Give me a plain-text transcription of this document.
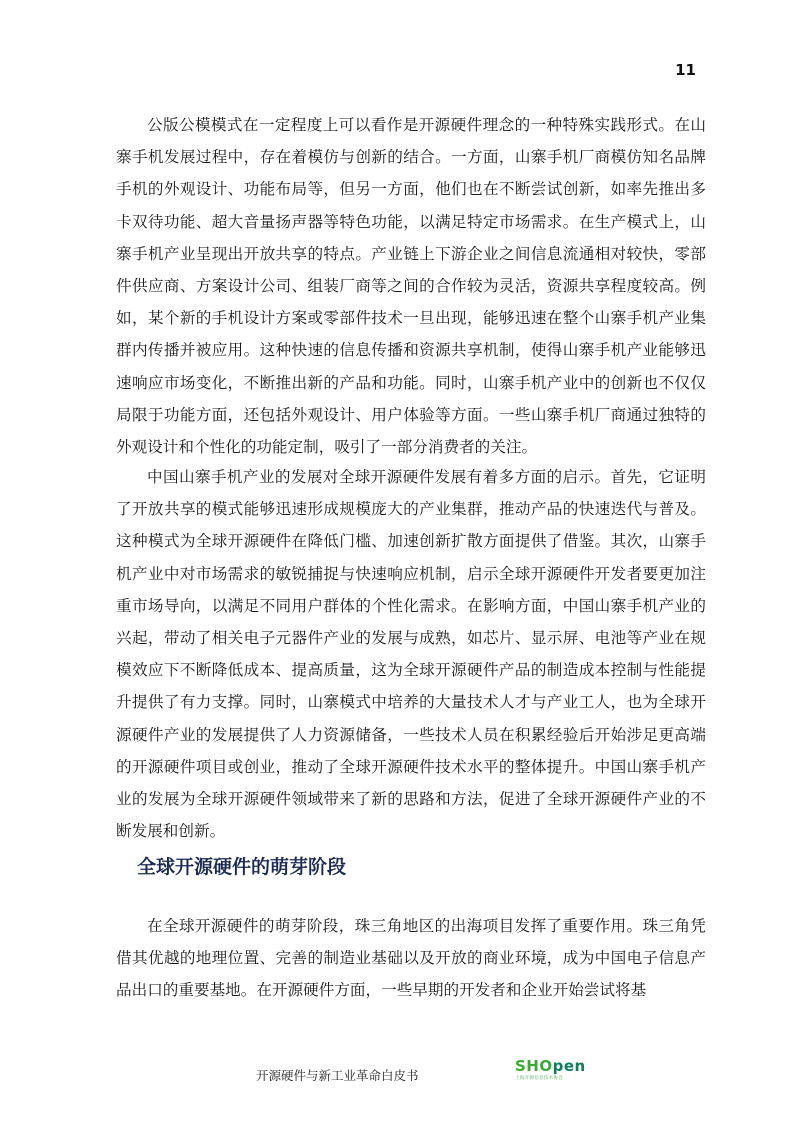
11

公版公模模式在一定程度上可以看作是开源硬件理念的一种特殊实践形式。在山寨手机发展过程中，存在着模仿与创新的结合。一方面，山寨手机厂商模仿知名品牌手机的外观设计、功能布局等，但另一方面，他们也在不断尝试创新，如率先推出多卡双待功能、超大音量扬声器等特色功能，以满足特定市场需求。在生产模式上，山寨手机产业呈现出开放共享的特点。产业链上下游企业之间信息流通相对较快，零部件供应商、方案设计公司、组装厂商等之间的合作较为灵活，资源共享程度较高。例如，某个新的手机设计方案或零部件技术一旦出现，能够迅速在整个山寨手机产业集群内传播并被应用。这种快速的信息传播和资源共享机制，使得山寨手机产业能够迅速响应市场变化，不断推出新的产品和功能。同时，山寨手机产业中的创新也不仅仅局限于功能方面，还包括外观设计、用户体验等方面。一些山寨手机厂商通过独特的外观设计和个性化的功能定制，吸引了一部分消费者的关注。

中国山寨手机产业的发展对全球开源硬件发展有着多方面的启示。首先，它证明了开放共享的模式能够迅速形成规模庞大的产业集群，推动产品的快速迭代与普及。这种模式为全球开源硬件在降低门槛、加速创新扩散方面提供了借鉴。其次，山寨手机产业中对市场需求的敏锐捕捉与快速响应机制，启示全球开源硬件开发者要更加注重市场导向，以满足不同用户群体的个性化需求。在影响方面，中国山寨手机产业的兴起，带动了相关电子元器件产业的发展与成熟，如芯片、显示屏、电池等产业在规模效应下不断降低成本、提高质量，这为全球开源硬件产品的制造成本控制与性能提升提供了有力支撑。同时，山寨模式中培养的大量技术人才与产业工人，也为全球开源硬件产业的发展提供了人力资源储备，一些技术人员在积累经验后开始涉足更高端的开源硬件项目或创业，推动了全球开源硬件技术水平的整体提升。中国山寨手机产业的发展为全球开源硬件领域带来了新的思路和方法，促进了全球开源硬件产业的不断发展和创新。

全球开源硬件的萌芽阶段

在全球开源硬件的萌芽阶段，珠三角地区的出海项目发挥了重要作用。珠三角凭借其优越的地理位置、完善的制造业基础以及开放的商业环境，成为中国电子信息产品出口的重要基地。在开源硬件方面，一些早期的开发者和企业开始尝试将基

开源硬件与新工业革命白皮书
SHOpen
上海开源信息技术协会
